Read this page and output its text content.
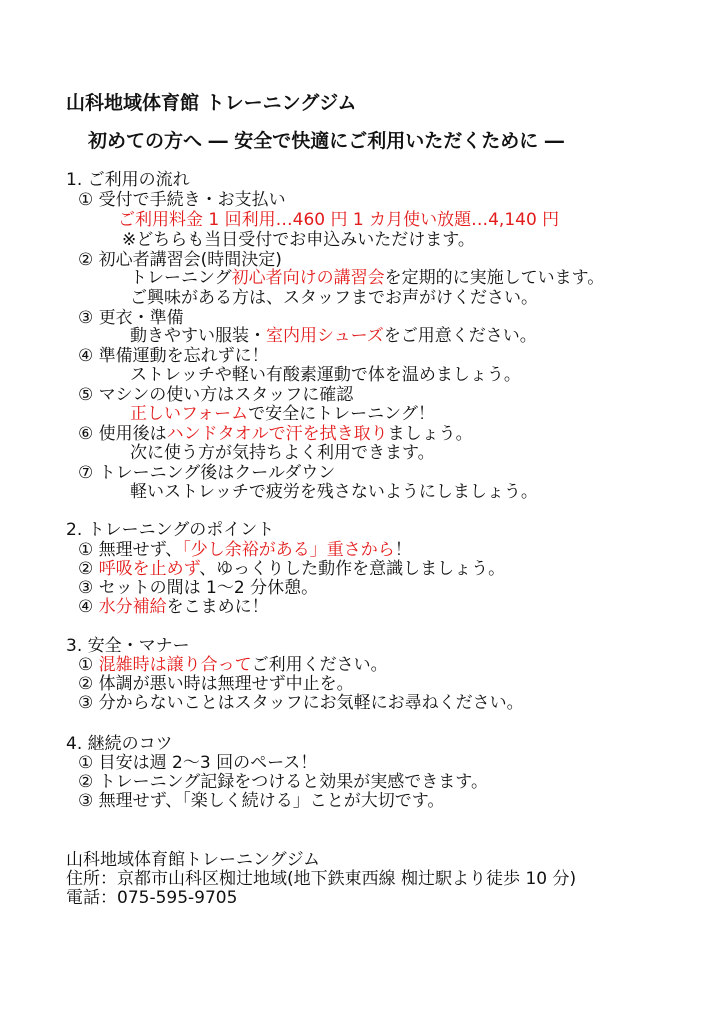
山科地域体育館 トレーニングジム
初めての方へ ― 安全で快適にご利用いただくために ―
1. ご利用の流れ
① 受付で手続き・お支払い
ご利用料金 1 回利用…460 円 1 カ月使い放題…4,140 円
※どちらも当日受付でお申込みいただけます。
② 初心者講習会(時間決定)
トレーニング初心者向けの講習会を定期的に実施しています。
ご興味がある方は、スタッフまでお声がけください。
③ 更衣・準備
動きやすい服装・室内用シューズをご用意ください。
④ 準備運動を忘れずに！
ストレッチや軽い有酸素運動で体を温めましょう。
⑤ マシンの使い方はスタッフに確認
正しいフォームで安全にトレーニング！
⑥ 使用後はハンドタオルで汗を拭き取りましょう。
次に使う方が気持ちよく利用できます。
⑦ トレーニング後はクールダウン
軽いストレッチで疲労を残さないようにしましょう。
2. トレーニングのポイント
① 無理せず、「少し余裕がある」重さから！
② 呼吸を止めず、ゆっくりした動作を意識しましょう。
③ セットの間は 1～2 分休憩。
④ 水分補給をこまめに！
3. 安全・マナー
① 混雑時は譲り合ってご利用ください。
② 体調が悪い時は無理せず中止を。
③ 分からないことはスタッフにお気軽にお尋ねください。
4. 継続のコツ
① 目安は週 2～3 回のペース！
② トレーニング記録をつけると効果が実感できます。
③ 無理せず、「楽しく続ける」ことが大切です。
山科地域体育館トレーニングジム
住所：京都市山科区椥辻地域(地下鉄東西線 椥辻駅より徒歩 10 分)
電話：075-595-9705
